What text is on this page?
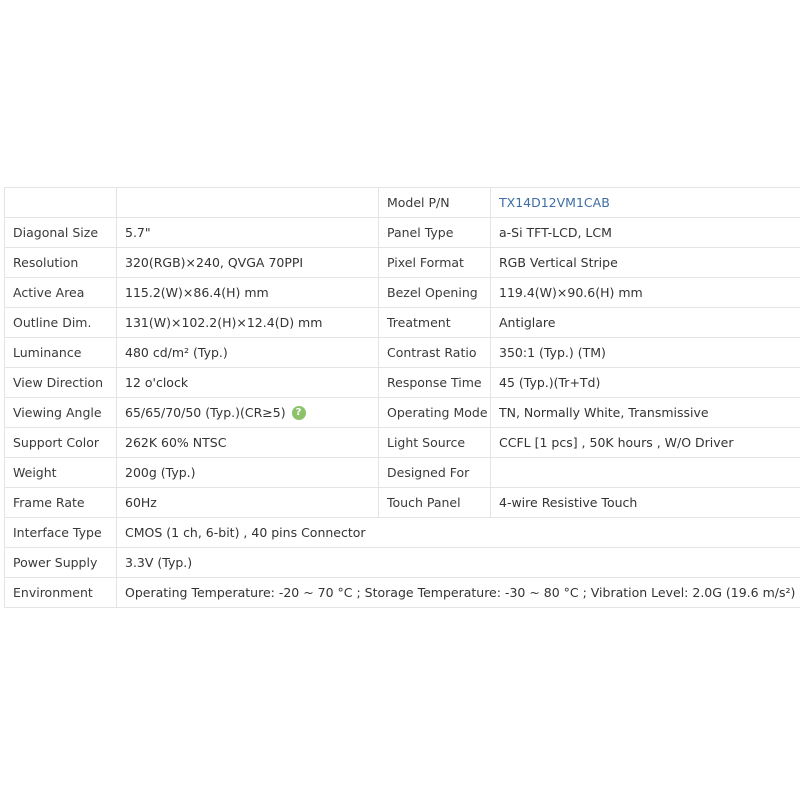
		Model P/N	TX14D12VM1CAB
Diagonal Size	5.7"	Panel Type	a-Si TFT-LCD, LCM
Resolution	320(RGB)×240, QVGA 70PPI	Pixel Format	RGB Vertical Stripe
Active Area	115.2(W)×86.4(H) mm	Bezel Opening	119.4(W)×90.6(H) mm
Outline Dim.	131(W)×102.2(H)×12.4(D) mm	Treatment	Antiglare
Luminance	480 cd/m² (Typ.)	Contrast Ratio	350:1 (Typ.) (TM)
View Direction	12 o'clock	Response Time	45 (Typ.)(Tr+Td)
Viewing Angle	65/65/70/50 (Typ.)(CR≥5) ?	Operating Mode	TN, Normally White, Transmissive
Support Color	262K 60% NTSC	Light Source	CCFL [1 pcs] , 50K hours , W/O Driver
Weight	200g (Typ.)	Designed For	
Frame Rate	60Hz	Touch Panel	4-wire Resistive Touch
Interface Type	CMOS (1 ch, 6-bit) , 40 pins Connector		
Power Supply	3.3V (Typ.)		
Environment	Operating Temperature: -20 ~ 70 °C ; Storage Temperature: -30 ~ 80 °C ; Vibration Level: 2.0G (19.6 m/s²)		
